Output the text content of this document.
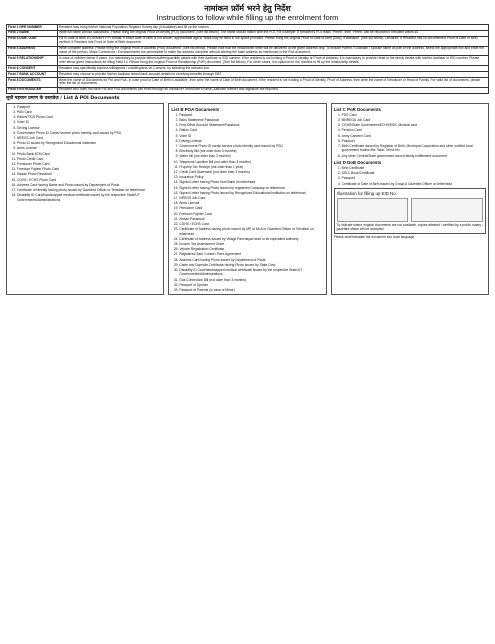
नामांकन फ़ॉर्म भरने हेतु निर्देश
Instructions to follow while filling up the enrolment form
Field 1 NPR NUMBER	Resident may bring his/her National Population Register Survey slip (if available) and fill up the column.
Field 2 NAME	Write full name without salutations. Please bring the original Proof of Identity (POI) document. (See list below). The name should match with the POI. For Example: If Resident's POI reads "Preeti", then "Preeti" can be recorded if Resident wants so.
Field 3 DOB / AGE	Fill in Date of Birth in DD/MM/YYYY format. If exact Date of Birth is not known, approximate age in Years may be filled in the space provided. Please bring the original Proof of Date of Birth (DoB), if available. (See list below). Declared: If Resident has no documented Proof of Date of Birth, verified: If Resident has Proof of Date of Birth document.
Field 4 ADDRESS	Write complete address. Please bring the original Proof of Address (PoA) document. (See list below). Please note that the head/owner letter will be delivered at the given address only. To include Parent / Guardian / Spouse name as part of the address, select the appropriate box and enter the name of the person. Minor Corrections / Enhancements are permissible to make the address complete without altering the base address as mentioned in the PoA document.
Field 5 RELATIONSHIP	In case of children below 5 years, it is mandatory to provide father/mother/guardian details with their Aadhaar or EID number. If the resident is not holding a Proof of Identity or Proof of Address, it is mandatory to provide Head of the family details with his/her Aadhaar or EID number. Please refer below given instructions for filling Field 12. Please bring the original Proof of Relationship (PoR) document. (See list below). For other cases, it is optional for the resident to fill up the relationship details.
Field 6 CONSENT	Resident may specifically express willingness / unwillingness on Consent, by selecting the relevant box.
Field 7 BANK ACCOUNT	Resident may choose to provide his/her Aadhaar linked bank account details for receiving benefits through DBT.
Field 8 DOCUMENTS	Write the name of Documents for PoI and PoA. In case proof of Date of Birth is available, then write the name of Date of Birth document. If the resident is not holding a Proof of Identity, Proof of Address, then write the name of Introducer or Head of Family. For valid list of documents, please refer the list of documents.
Field 9 INTRODUCER	Resident who does not have PoI and PoA documents can enrol through an Introducer. Introducer's name, Aadhaar number and signature are required.
सूची पहचान प्रमाण के दस्तावेज़ / List A POI Documents
1. Passport
2. PAN Card
3. Ration/ PDS Photo Card
4. Voter ID
5. Driving License
6. Government Photo ID Cards/ service photo identity card issued by PSU
7. NREGS Job Card
8. Photo ID issued by Recognized Educational Institution
9. Arms License
10. Photo Bank ATM Card
11. Photo Credit Card
12. Pensioner Photo Card
13. Freedom Fighter Photo Card
14. Kissan Photo Passbook
15. CGHS / ECHS Photo Card
16. Address Card having Name and Photo issued by Department of Posts
17. Certificate of Identity having photo issued by Gazetted Officer or Tehsildar on letterhead
18. Disability ID Card/handicapped medical certificate issued by the respective State/UT Governments/Administrations
List B POA Documents
1. Passport
2. Bank Statement/ Passbook
3. Post Office Account Statement/Passbook
4. Ration Card
5. Voter ID
6. Driving License
7. Government Photo ID cards/ service photo identity card issued by PSU
8. Electricity Bill (not older than 3 months)
9. Water bill (not older than 3 months)
10. Telephone Landline Bill (not older than 3 months)
11. Property Tax Receipt (not older than 1 year)
12. Credit Card Statement (not older than 3 months)
13. Insurance Policy
14. Signed Letter having Photo from Bank on letterhead
15. Signed Letter having Photo issued by registered Company on letterhead
16. Signed Letter having Photo issued by Recognized Educational Institution on letterhead
17. NREGS Job Card
18. Arms License
19. Pensioner Card
20. Freedom Fighter Card
21. Kissan Passbook
22. CGHS / ECHS Card
23. Certificate of Address having photo issued by MP or MLA or Gazetted Officer or Tehsildar on letterhead
24. Certificate of Address issued by Village Panchayat head or its equivalent authority
25. Income Tax Assessment Order
26. Vehicle Registration Certificate
27. Registered Sale / Lease / Rent Agreement
28. Address Card having Photo issued by Department of Posts
29. Caste and Domicile Certificate having Photo issued by State Govt.
30. Disability ID Card/handicapped medical certificate issued by the respective State/UT Governments/Administrations
31. Gas Connection Bill (not older than 3 months)
32. Passport of Spouse
33. Passport of Parents (in case of Minor)
List C PoR Documents
1. PDS Card
2. MNREGA Job Card
3. CGHS/State Government/ECHS/ESIC Medical card
4. Pension Card
5. Army Canteen Card
6. Passport
7. Birth Certificate issued by Registrar of Birth, Municipal Corporation and other notified local government bodies like Taluk, Tehsil etc.
8. Any other Central/State government issued family entitlement document
List D DoB Documents
1. Birth Certificate
2. SSLC Book/Certificate
3. Passport
4. Certificate of Date of Birth issued by Group A Gazetted Officer on letterhead
Illustration for filling up EID No.
To indicate where original documents are not available, copies attested / certified by a public notary / gazetted officer will be accepted.
Please shall translate the document into local language
